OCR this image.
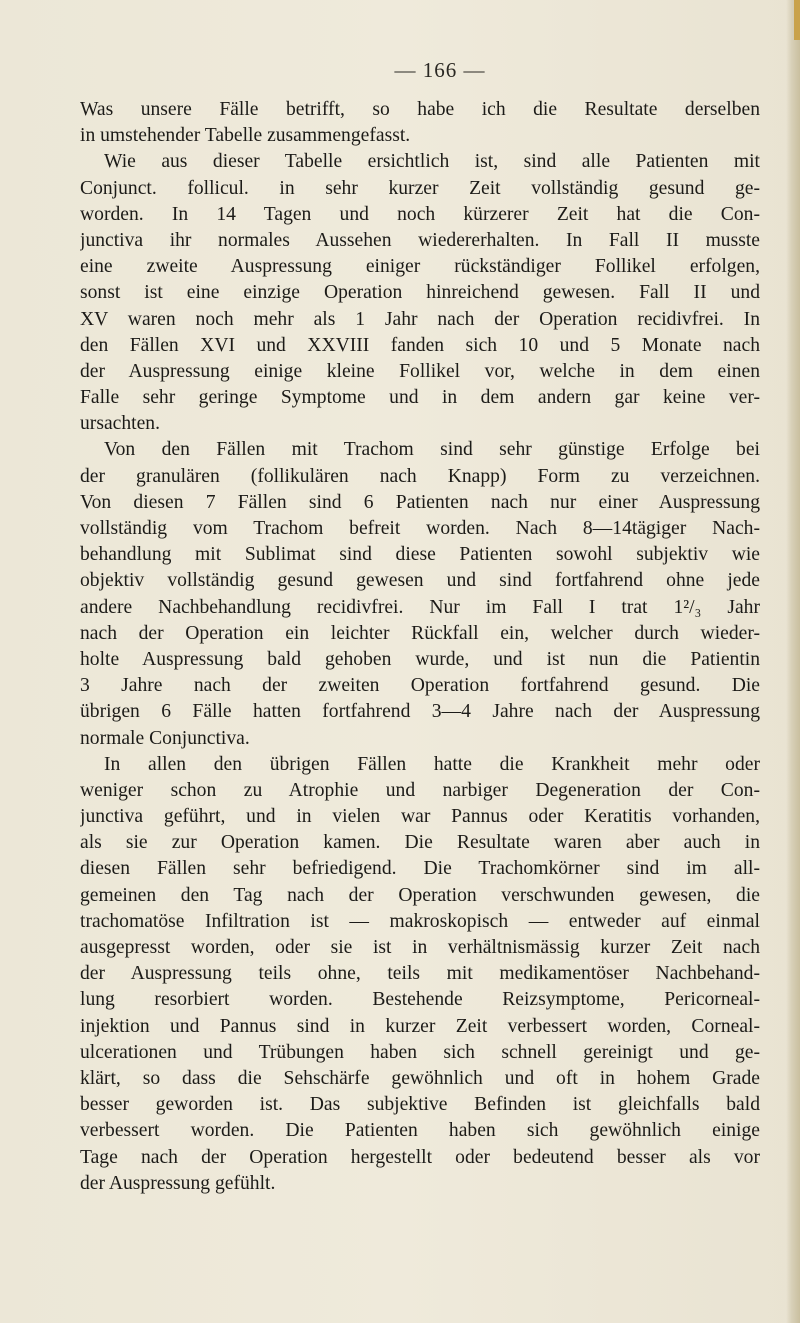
— 166 —
Was unsere Fälle betrifft, so habe ich die Resultate derselben
in umstehender Tabelle zusammengefasst.
Wie aus dieser Tabelle ersichtlich ist, sind alle Patienten mit
Conjunct. follicul. in sehr kurzer Zeit vollständig gesund ge-
worden. In 14 Tagen und noch kürzerer Zeit hat die Con-
junctiva ihr normales Aussehen wiedererhalten. In Fall II musste
eine zweite Auspressung einiger rückständiger Follikel erfolgen,
sonst ist eine einzige Operation hinreichend gewesen. Fall II und
XV waren noch mehr als 1 Jahr nach der Operation recidivfrei. In
den Fällen XVI und XXVIII fanden sich 10 und 5 Monate nach
der Auspressung einige kleine Follikel vor, welche in dem einen
Falle sehr geringe Symptome und in dem andern gar keine ver-
ursachten.
Von den Fällen mit Trachom sind sehr günstige Erfolge bei
der granulären (follikulären nach Knapp) Form zu verzeichnen.
Von diesen 7 Fällen sind 6 Patienten nach nur einer Auspressung
vollständig vom Trachom befreit worden. Nach 8—14tägiger Nach-
behandlung mit Sublimat sind diese Patienten sowohl subjektiv wie
objektiv vollständig gesund gewesen und sind fortfahrend ohne jede
andere Nachbehandlung recidivfrei. Nur im Fall I trat 1²/₃ Jahr
nach der Operation ein leichter Rückfall ein, welcher durch wieder-
holte Auspressung bald gehoben wurde, und ist nun die Patientin
3 Jahre nach der zweiten Operation fortfahrend gesund. Die
übrigen 6 Fälle hatten fortfahrend 3—4 Jahre nach der Auspressung
normale Conjunctiva.
In allen den übrigen Fällen hatte die Krankheit mehr oder
weniger schon zu Atrophie und narbiger Degeneration der Con-
junctiva geführt, und in vielen war Pannus oder Keratitis vorhanden,
als sie zur Operation kamen. Die Resultate waren aber auch in
diesen Fällen sehr befriedigend. Die Trachomkörner sind im all-
gemeinen den Tag nach der Operation verschwunden gewesen, die
trachomatöse Infiltration ist — makroskopisch — entweder auf einmal
ausgepresst worden, oder sie ist in verhältnismässig kurzer Zeit nach
der Auspressung teils ohne, teils mit medikamentöser Nachbehand-
lung resorbiert worden. Bestehende Reizsymptome, Pericorneal-
injektion und Pannus sind in kurzer Zeit verbessert worden, Corneal-
ulcerationen und Trübungen haben sich schnell gereinigt und ge-
klärt, so dass die Sehschärfe gewöhnlich und oft in hohem Grade
besser geworden ist. Das subjektive Befinden ist gleichfalls bald
verbessert worden. Die Patienten haben sich gewöhnlich einige
Tage nach der Operation hergestellt oder bedeutend besser als vor
der Auspressung gefühlt.
